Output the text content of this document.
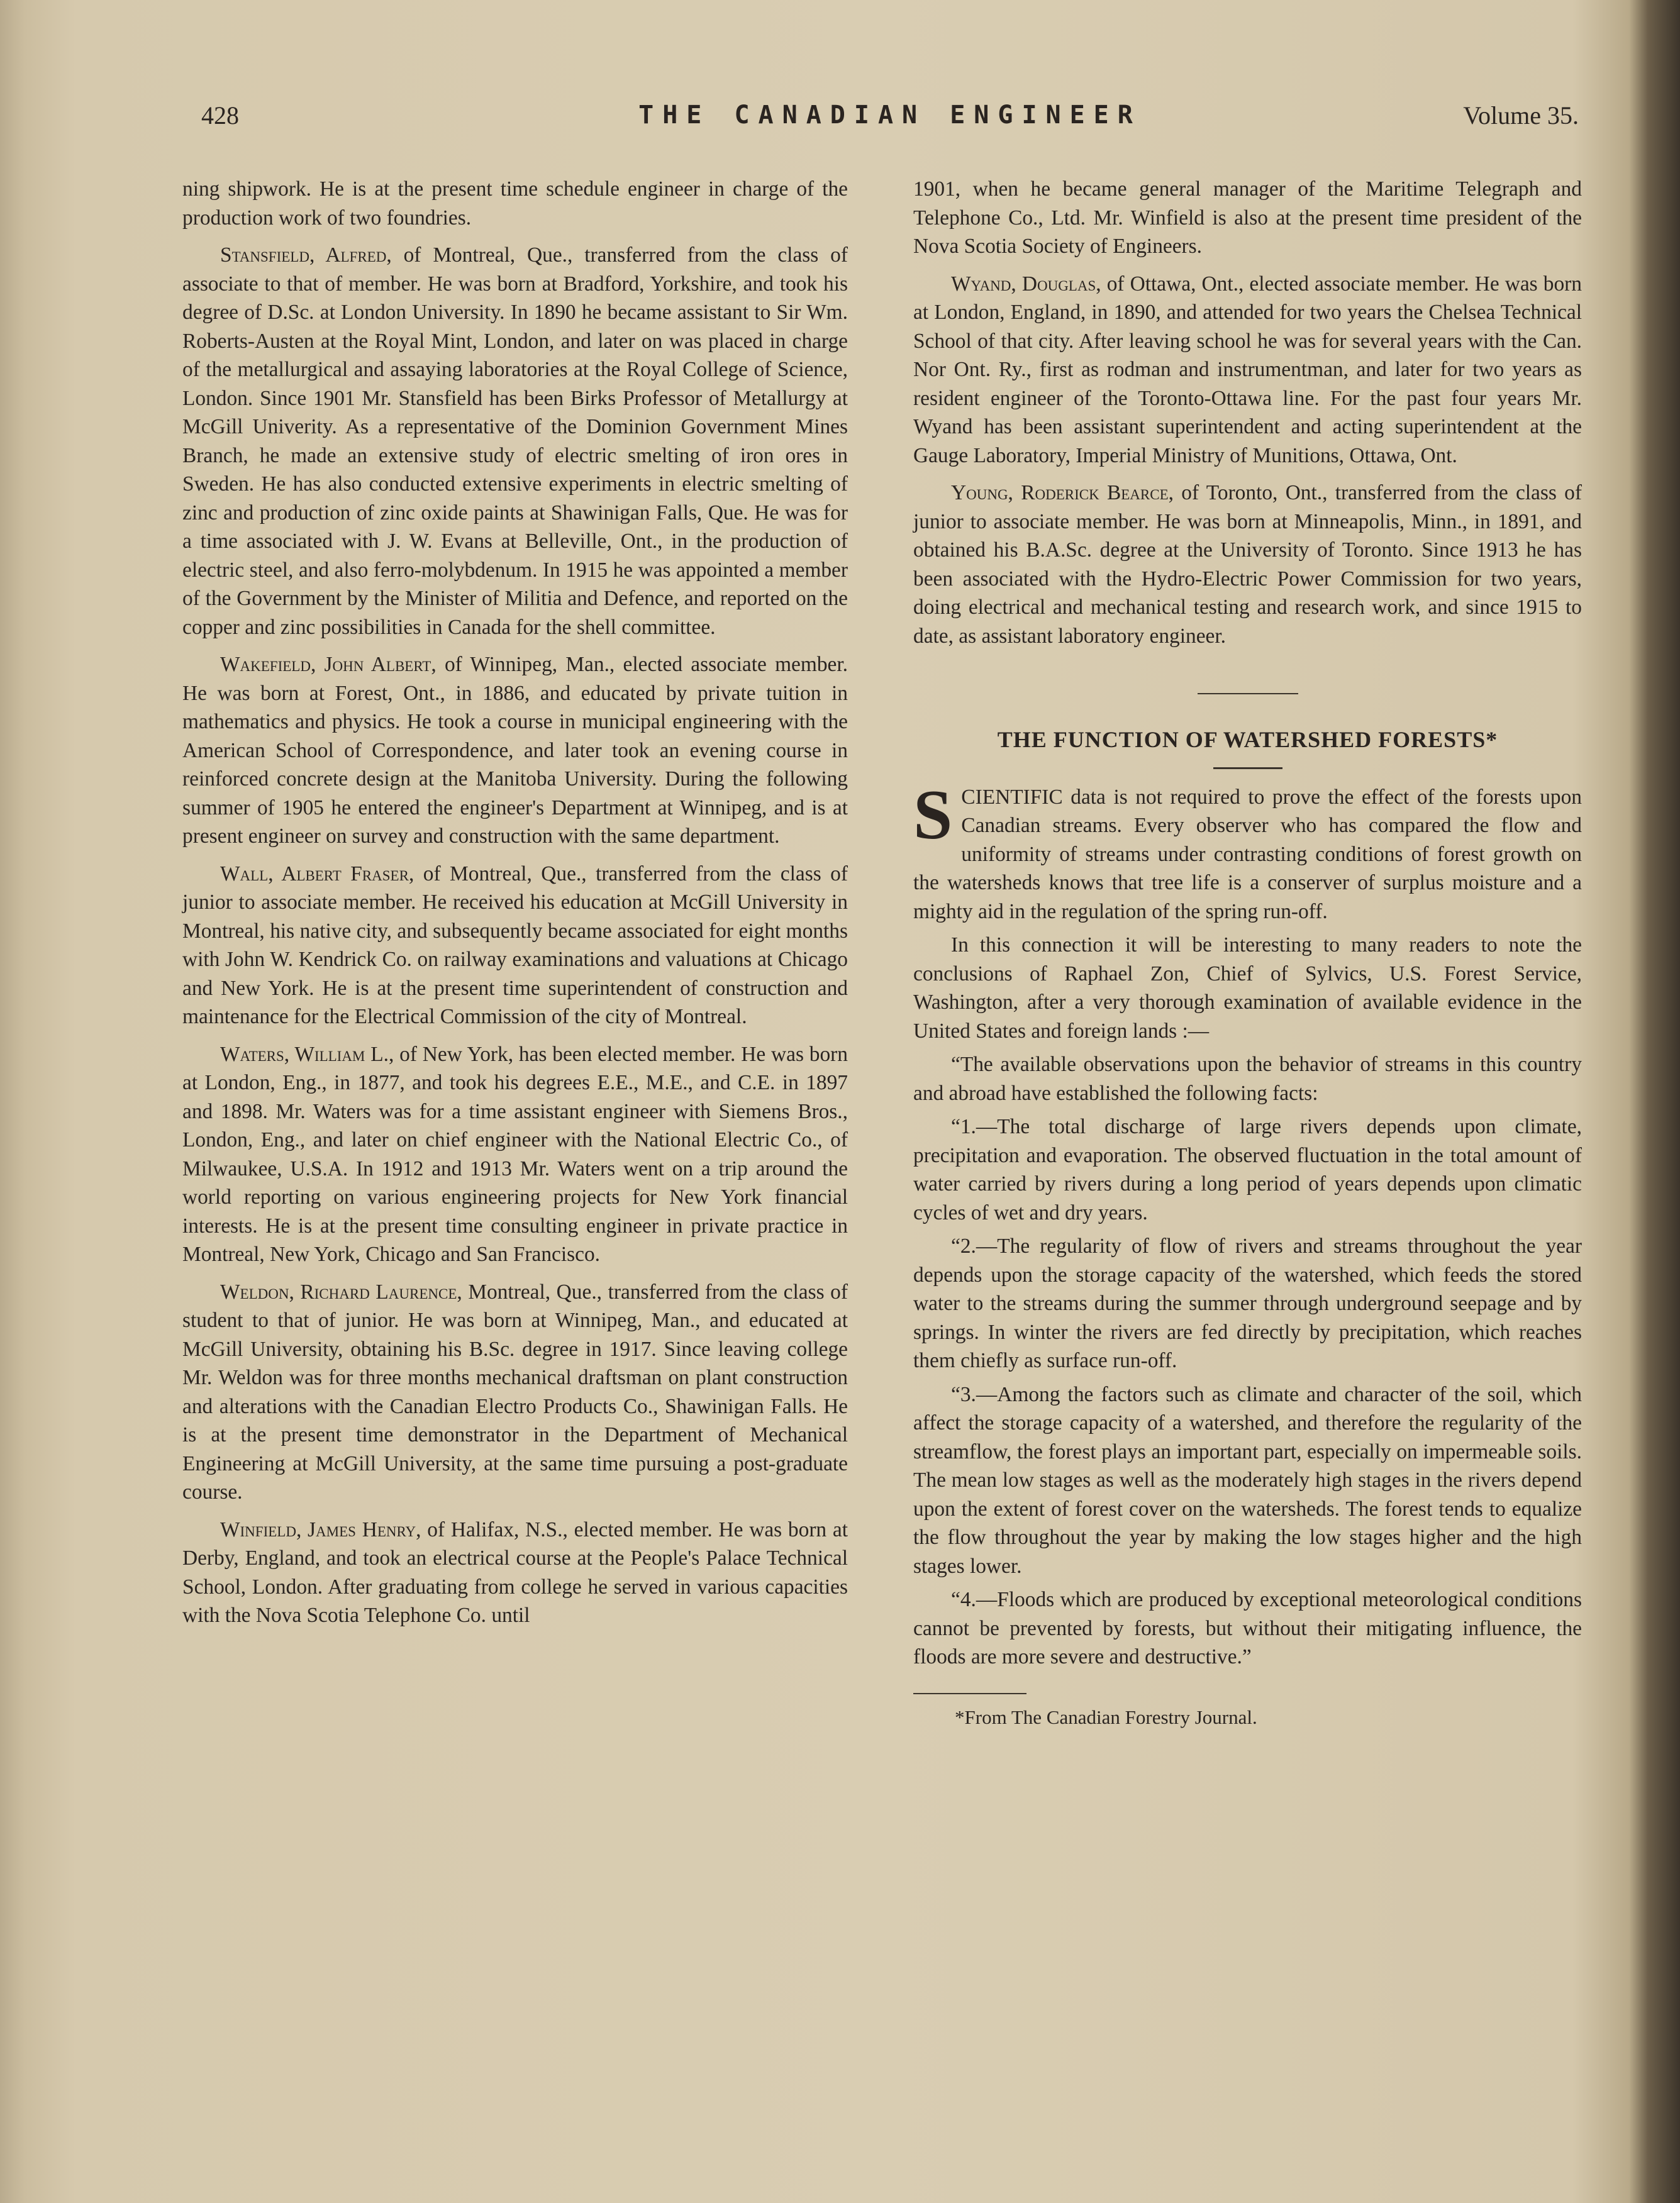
428	THE CANADIAN ENGINEER	Volume 35.

ning shipwork. He is at the present time schedule engineer in charge of the production work of two foundries.

Stansfield, Alfred, of Montreal, Que., transferred from the class of associate to that of member. He was born at Bradford, Yorkshire, and took his degree of D.Sc. at London University. In 1890 he became assistant to Sir Wm. Roberts-Austen at the Royal Mint, London, and later on was placed in charge of the metallurgical and assaying laboratories at the Royal College of Science, London. Since 1901 Mr. Stansfield has been Birks Professor of Metallurgy at McGill Univerity. As a representative of the Dominion Government Mines Branch, he made an extensive study of electric smelting of iron ores in Sweden. He has also conducted extensive experiments in electric smelting of zinc and production of zinc oxide paints at Shawinigan Falls, Que. He was for a time associated with J. W. Evans at Belleville, Ont., in the production of electric steel, and also ferro-molybdenum. In 1915 he was appointed a member of the Government by the Minister of Militia and Defence, and reported on the copper and zinc possibilities in Canada for the shell committee.

Wakefield, John Albert, of Winnipeg, Man., elected associate member. He was born at Forest, Ont., in 1886, and educated by private tuition in mathematics and physics. He took a course in municipal engineering with the American School of Correspondence, and later took an evening course in reinforced concrete design at the Manitoba University. During the following summer of 1905 he entered the engineer's Department at Winnipeg, and is at present engineer on survey and construction with the same department.

Wall, Albert Fraser, of Montreal, Que., transferred from the class of junior to associate member. He received his education at McGill University in Montreal, his native city, and subsequently became associated for eight months with John W. Kendrick Co. on railway examinations and valuations at Chicago and New York. He is at the present time superintendent of construction and maintenance for the Electrical Commission of the city of Montreal.

Waters, William L., of New York, has been elected member. He was born at London, Eng., in 1877, and took his degrees E.E., M.E., and C.E. in 1897 and 1898. Mr. Waters was for a time assistant engineer with Siemens Bros., London, Eng., and later on chief engineer with the National Electric Co., of Milwaukee, U.S.A. In 1912 and 1913 Mr. Waters went on a trip around the world reporting on various engineering projects for New York financial interests. He is at the present time consulting engineer in private practice in Montreal, New York, Chicago and San Francisco.

Weldon, Richard Laurence, Montreal, Que., transferred from the class of student to that of junior. He was born at Winnipeg, Man., and educated at McGill University, obtaining his B.Sc. degree in 1917. Since leaving college Mr. Weldon was for three months mechanical draftsman on plant construction and alterations with the Canadian Electro Products Co., Shawinigan Falls. He is at the present time demonstrator in the Department of Mechanical Engineering at McGill University, at the same time pursuing a post-graduate course.

Winfield, James Henry, of Halifax, N.S., elected member. He was born at Derby, England, and took an electrical course at the People's Palace Technical School, London. After graduating from college he served in various capacities with the Nova Scotia Telephone Co. until

1901, when he became general manager of the Maritime Telegraph and Telephone Co., Ltd. Mr. Winfield is also at the present time president of the Nova Scotia Society of Engineers.

Wyand, Douglas, of Ottawa, Ont., elected associate member. He was born at London, England, in 1890, and attended for two years the Chelsea Technical School of that city. After leaving school he was for several years with the Can. Nor Ont. Ry., first as rodman and instrumentman, and later for two years as resident engineer of the Toronto-Ottawa line. For the past four years Mr. Wyand has been assistant superintendent and acting superintendent at the Gauge Laboratory, Imperial Ministry of Munitions, Ottawa, Ont.

Young, Roderick Bearce, of Toronto, Ont., transferred from the class of junior to associate member. He was born at Minneapolis, Minn., in 1891, and obtained his B.A.Sc. degree at the University of Toronto. Since 1913 he has been associated with the Hydro-Electric Power Commission for two years, doing electrical and mechanical testing and research work, and since 1915 to date, as assistant laboratory engineer.

THE FUNCTION OF WATERSHED FORESTS*

SCIENTIFIC data is not required to prove the effect of the forests upon Canadian streams. Every observer who has compared the flow and uniformity of streams under contrasting conditions of forest growth on the watersheds knows that tree life is a conserver of surplus moisture and a mighty aid in the regulation of the spring run-off.

In this connection it will be interesting to many readers to note the conclusions of Raphael Zon, Chief of Sylvics, U.S. Forest Service, Washington, after a very thorough examination of available evidence in the United States and foreign lands :—

“The available observations upon the behavior of streams in this country and abroad have established the following facts:

“1.—The total discharge of large rivers depends upon climate, precipitation and evaporation. The observed fluctuation in the total amount of water carried by rivers during a long period of years depends upon climatic cycles of wet and dry years.

“2.—The regularity of flow of rivers and streams throughout the year depends upon the storage capacity of the watershed, which feeds the stored water to the streams during the summer through underground seepage and by springs. In winter the rivers are fed directly by precipitation, which reaches them chiefly as surface run-off.

“3.—Among the factors such as climate and character of the soil, which affect the storage capacity of a watershed, and therefore the regularity of the streamflow, the forest plays an important part, especially on impermeable soils. The mean low stages as well as the moderately high stages in the rivers depend upon the extent of forest cover on the watersheds. The forest tends to equalize the flow throughout the year by making the low stages higher and the high stages lower.

“4.—Floods which are produced by exceptional meteorological conditions cannot be prevented by forests, but without their mitigating influence, the floods are more severe and destructive.”

*From The Canadian Forestry Journal.
